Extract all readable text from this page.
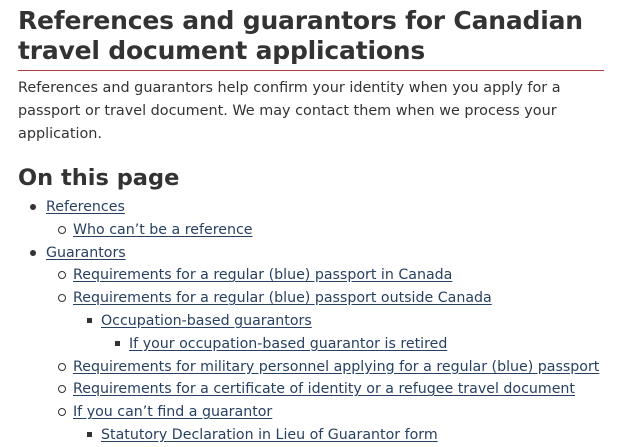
References and guarantors for Canadian travel document applications

References and guarantors help confirm your identity when you apply for a passport or travel document. We may contact them when we process your application.

On this page
References
Who can’t be a reference
Guarantors
Requirements for a regular (blue) passport in Canada
Requirements for a regular (blue) passport outside Canada
Occupation-based guarantors
If your occupation-based guarantor is retired
Requirements for military personnel applying for a regular (blue) passport
Requirements for a certificate of identity or a refugee travel document
If you can’t find a guarantor
Statutory Declaration in Lieu of Guarantor form
